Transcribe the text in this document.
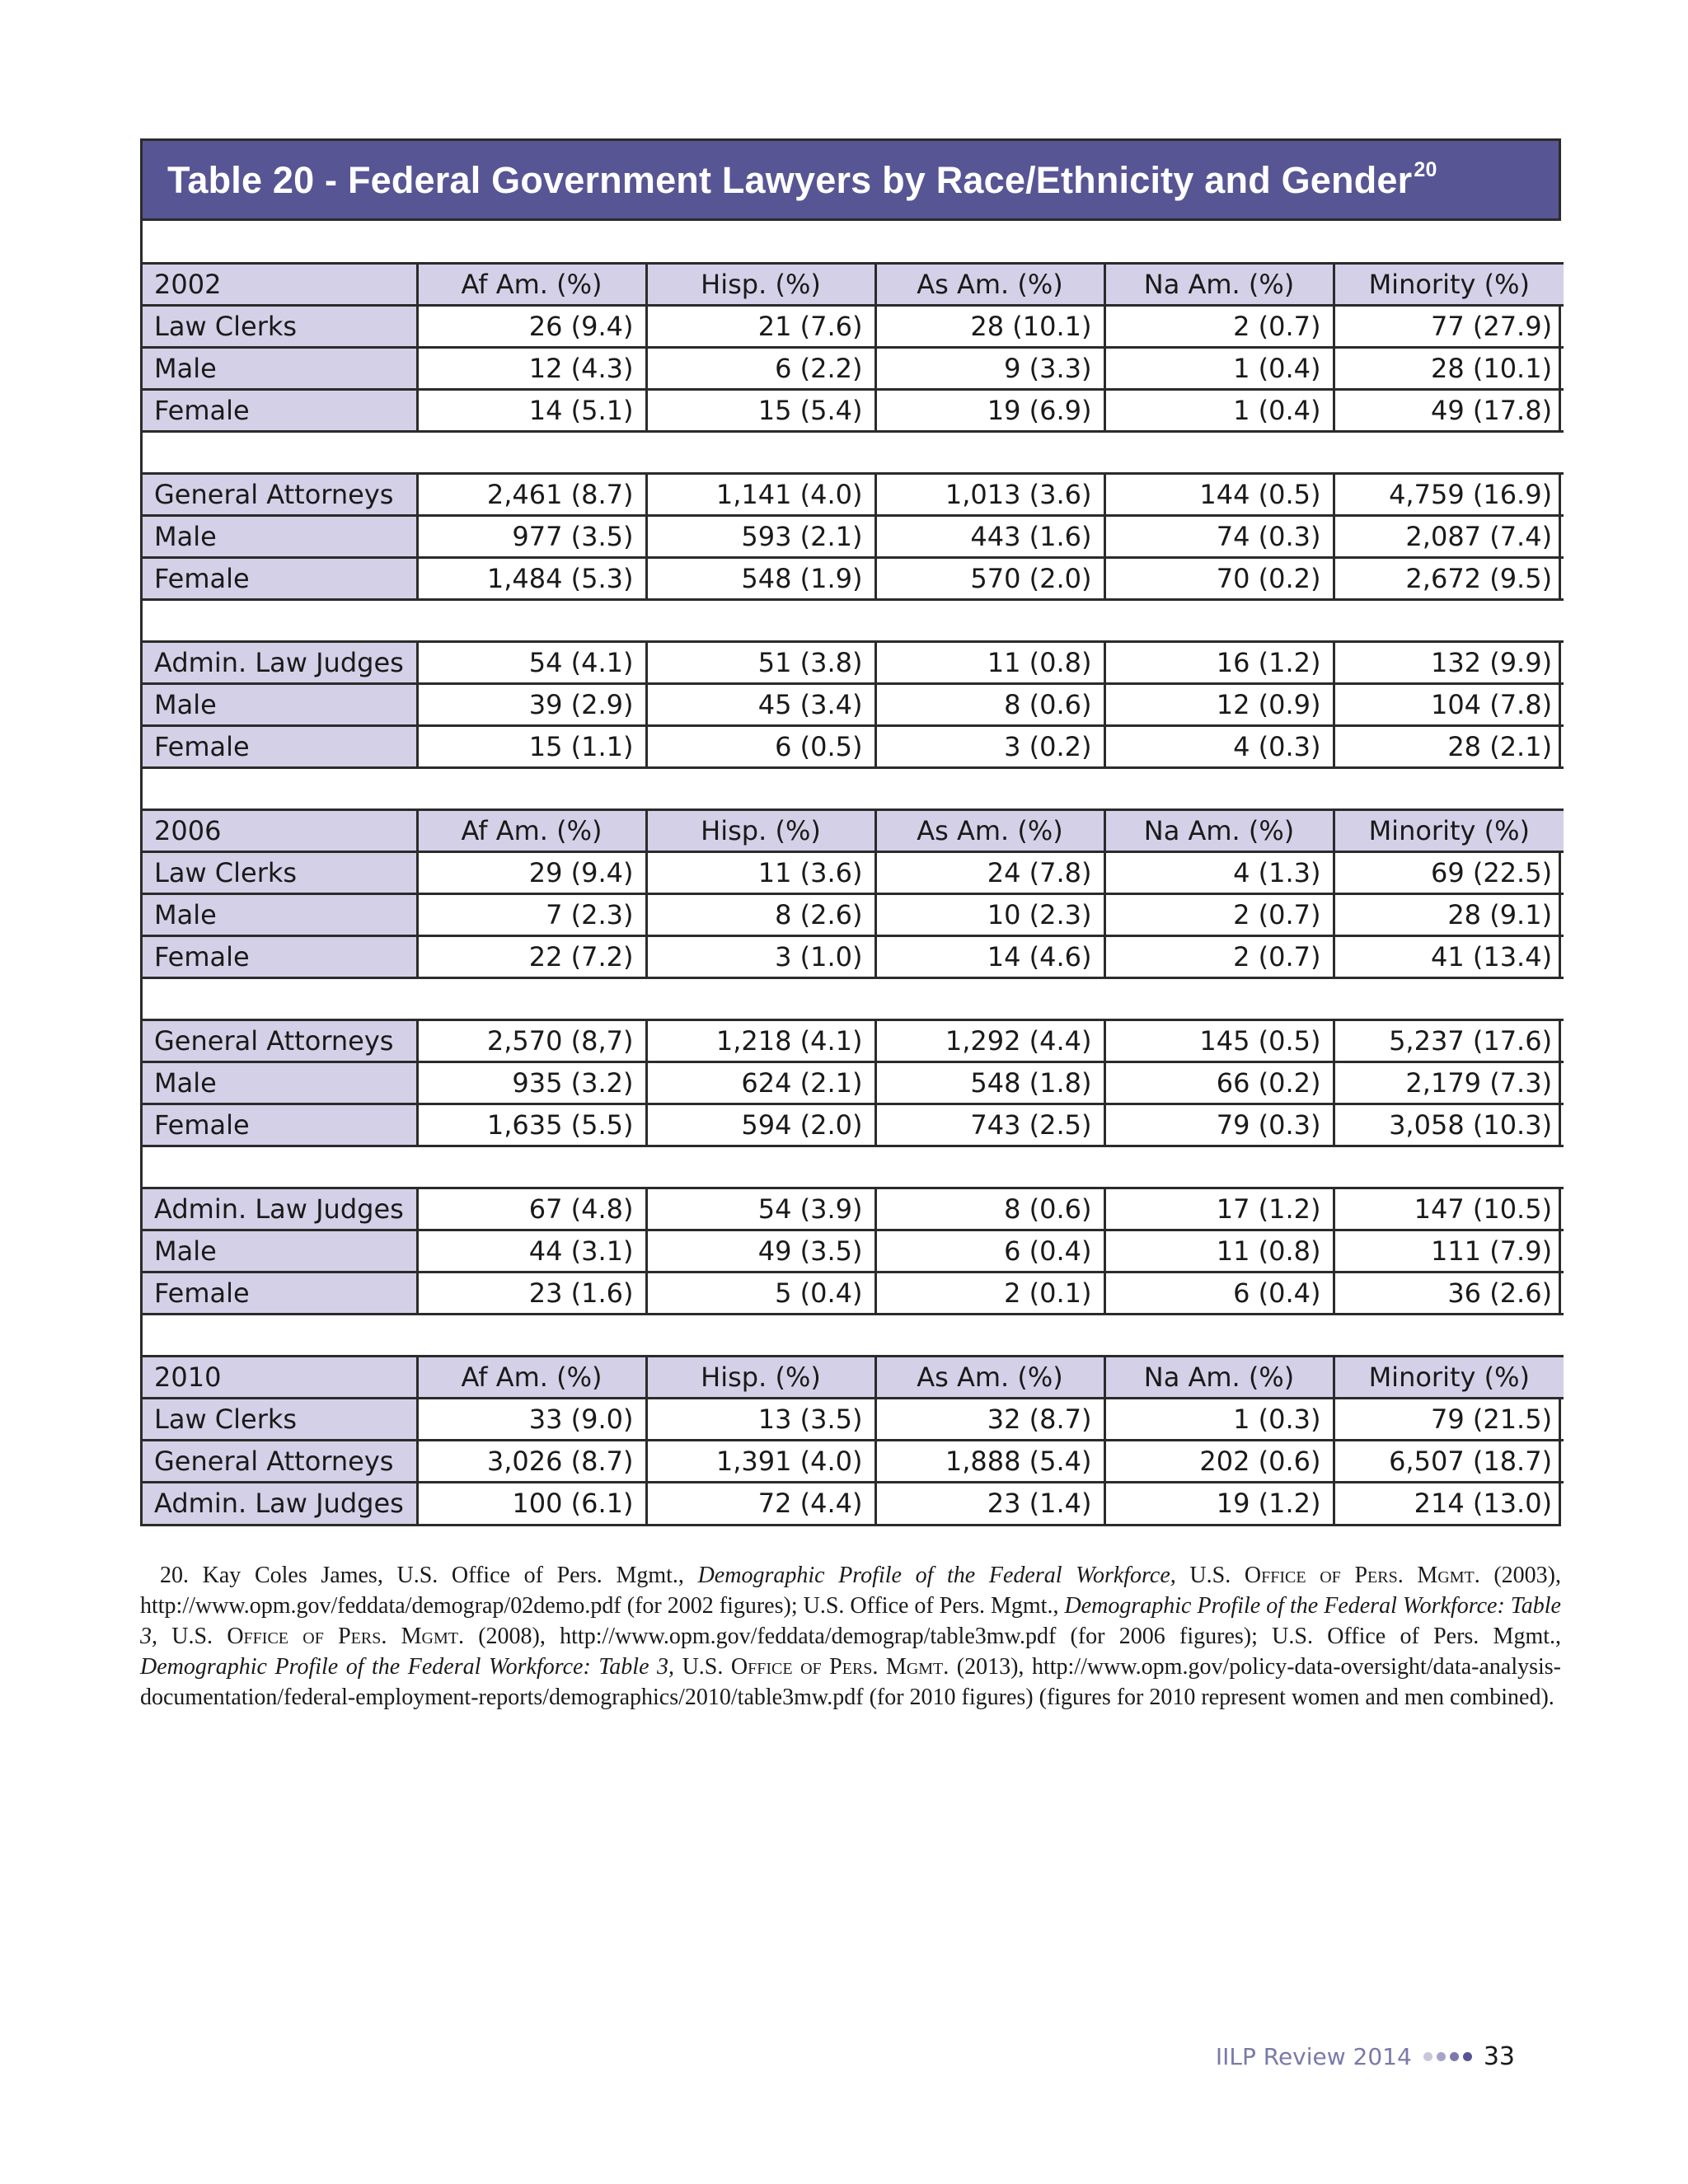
Table 20 - Federal Government Lawyers by Race/Ethnicity and Gender$^{20}$

2002	Af Am. (%)	Hisp. (%)	As Am. (%)	Na Am. (%)	Minority (%)
Law Clerks	26 (9.4)	21 (7.6)	28 (10.1)	2 (0.7)	77 (27.9)
Male	12 (4.3)	6 (2.2)	9 (3.3)	1 (0.4)	28 (10.1)
Female	14 (5.1)	15 (5.4)	19 (6.9)	1 (0.4)	49 (17.8)

General Attorneys	2,461 (8.7)	1,141 (4.0)	1,013 (3.6)	144 (0.5)	4,759 (16.9)
Male	977 (3.5)	593 (2.1)	443 (1.6)	74 (0.3)	2,087 (7.4)
Female	1,484 (5.3)	548 (1.9)	570 (2.0)	70 (0.2)	2,672 (9.5)

Admin. Law Judges	54 (4.1)	51 (3.8)	11 (0.8)	16 (1.2)	132 (9.9)
Male	39 (2.9)	45 (3.4)	8 (0.6)	12 (0.9)	104 (7.8)
Female	15 (1.1)	6 (0.5)	3 (0.2)	4 (0.3)	28 (2.1)

2006	Af Am. (%)	Hisp. (%)	As Am. (%)	Na Am. (%)	Minority (%)
Law Clerks	29 (9.4)	11 (3.6)	24 (7.8)	4 (1.3)	69 (22.5)
Male	7 (2.3)	8 (2.6)	10 (2.3)	2 (0.7)	28 (9.1)
Female	22 (7.2)	3 (1.0)	14 (4.6)	2 (0.7)	41 (13.4)

General Attorneys	2,570 (8,7)	1,218 (4.1)	1,292 (4.4)	145 (0.5)	5,237 (17.6)
Male	935 (3.2)	624 (2.1)	548 (1.8)	66 (0.2)	2,179 (7.3)
Female	1,635 (5.5)	594 (2.0)	743 (2.5)	79 (0.3)	3,058 (10.3)

Admin. Law Judges	67 (4.8)	54 (3.9)	8 (0.6)	17 (1.2)	147 (10.5)
Male	44 (3.1)	49 (3.5)	6 (0.4)	11 (0.8)	111 (7.9)
Female	23 (1.6)	5 (0.4)	2 (0.1)	6 (0.4)	36 (2.6)

2010	Af Am. (%)	Hisp. (%)	As Am. (%)	Na Am. (%)	Minority (%)
Law Clerks	33 (9.0)	13 (3.5)	32 (8.7)	1 (0.3)	79 (21.5)
General Attorneys	3,026 (8.7)	1,391 (4.0)	1,888 (5.4)	202 (0.6)	6,507 (18.7)
Admin. Law Judges	100 (6.1)	72 (4.4)	23 (1.4)	19 (1.2)	214 (13.0)

20. Kay Coles James, U.S. Office of Pers. Mgmt., Demographic Profile of the Federal Workforce, U.S. Office of Pers. Mgmt. (2003), http://www.opm.gov/feddata/demograp/02demo.pdf (for 2002 figures); U.S. Office of Pers. Mgmt., Demographic Profile of the Federal Workforce: Table 3, U.S. Office of Pers. Mgmt. (2008), http://www.opm.gov/feddata/demograp/table3mw.pdf (for 2006 figures); U.S. Office of Pers. Mgmt., Demographic Profile of the Federal Workforce: Table 3, U.S. Office of Pers. Mgmt. (2013), http://www.opm.gov/policy-data-oversight/data-analysis-documentation/federal-employment-reports/demographics/2010/table3mw.pdf (for 2010 figures) (figures for 2010 represent women and men combined).

IILP Review 2014	33
